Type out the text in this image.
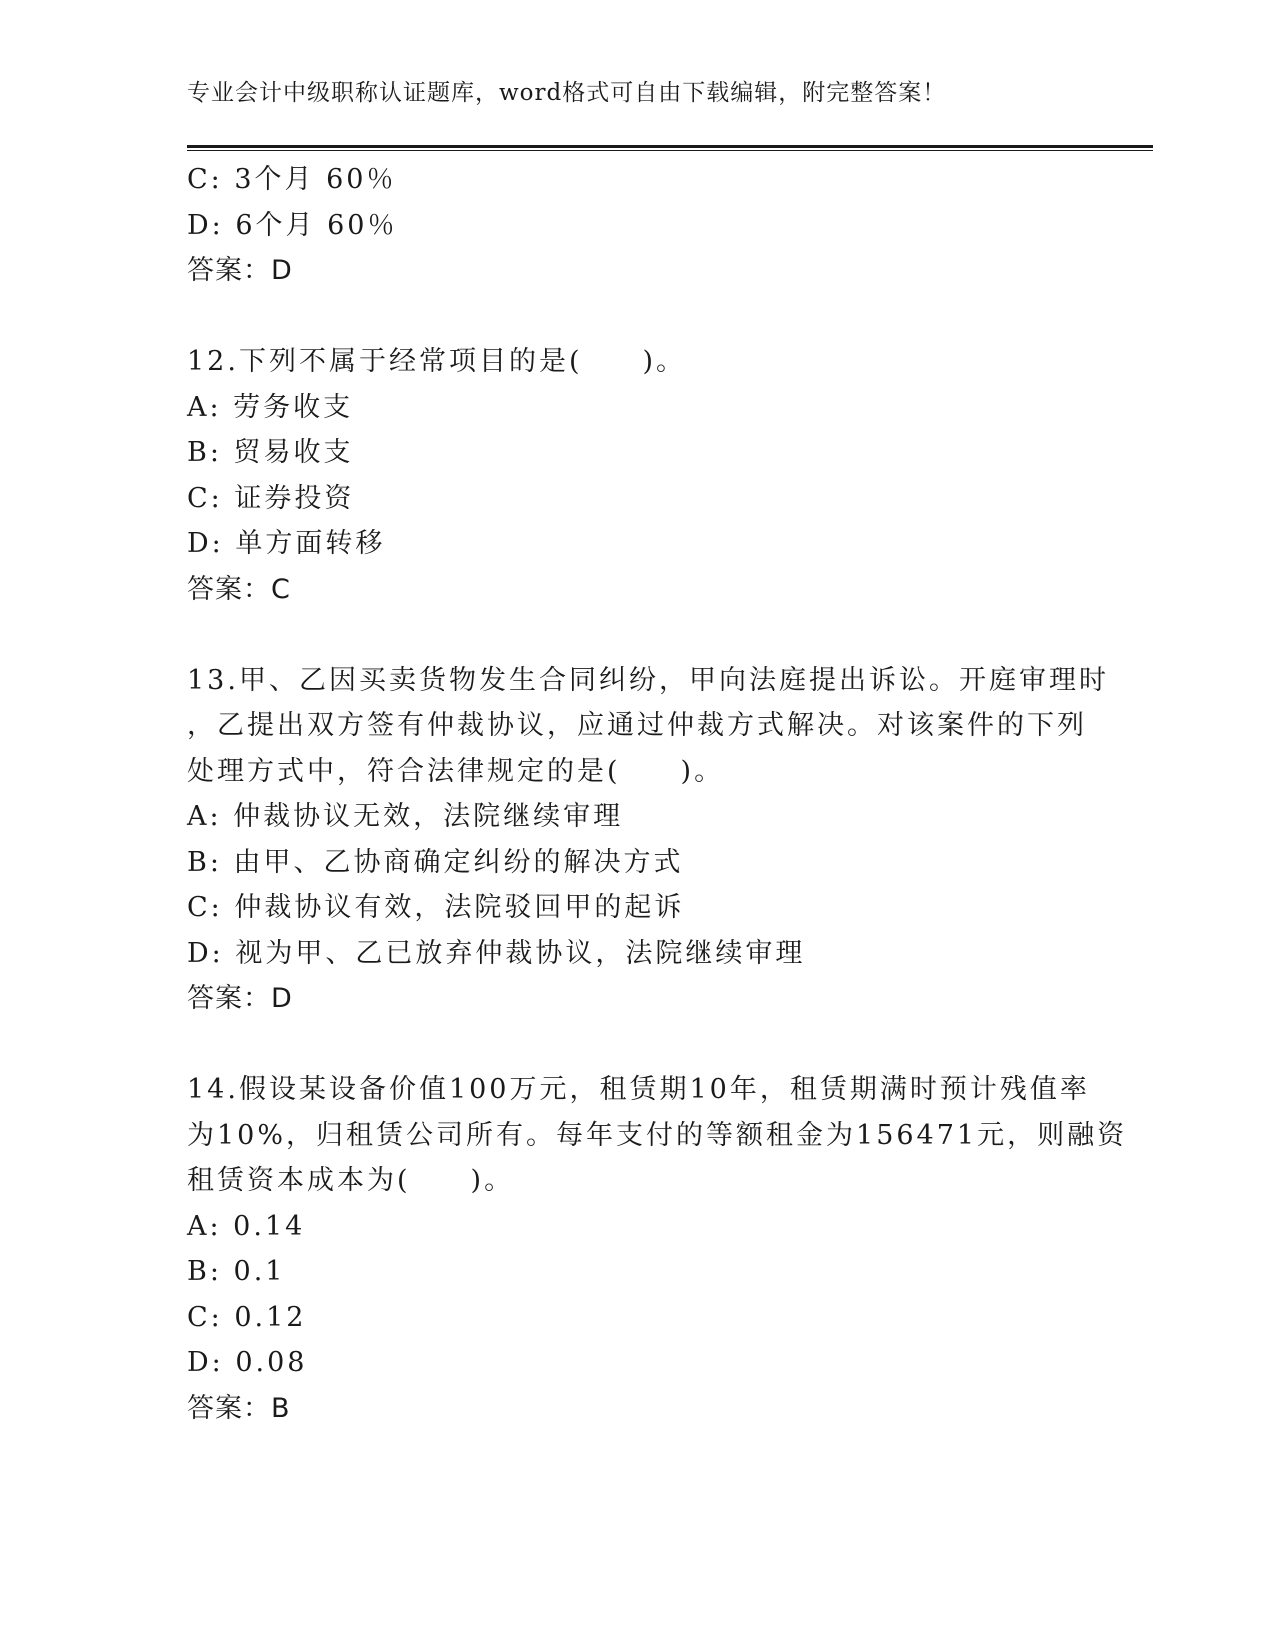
专业会计中级职称认证题库，word格式可自由下载编辑，附完整答案！
C: 3个月 60％
D: 6个月 60％
答案：D
12.下列不属于经常项目的是(　　)。
A: 劳务收支
B: 贸易收支
C: 证券投资
D: 单方面转移
答案：C
13.甲、乙因买卖货物发生合同纠纷，甲向法庭提出诉讼。开庭审理时
，乙提出双方签有仲裁协议，应通过仲裁方式解决。对该案件的下列
处理方式中，符合法律规定的是(　　)。
A: 仲裁协议无效，法院继续审理
B: 由甲、乙协商确定纠纷的解决方式
C: 仲裁协议有效，法院驳回甲的起诉
D: 视为甲、乙已放弃仲裁协议，法院继续审理
答案：D
14.假设某设备价值100万元，租赁期10年，租赁期满时预计残值率
为10%，归租赁公司所有。每年支付的等额租金为156471元，则融资
租赁资本成本为(　　)。
A: 0.14
B: 0.1
C: 0.12
D: 0.08
答案：B
